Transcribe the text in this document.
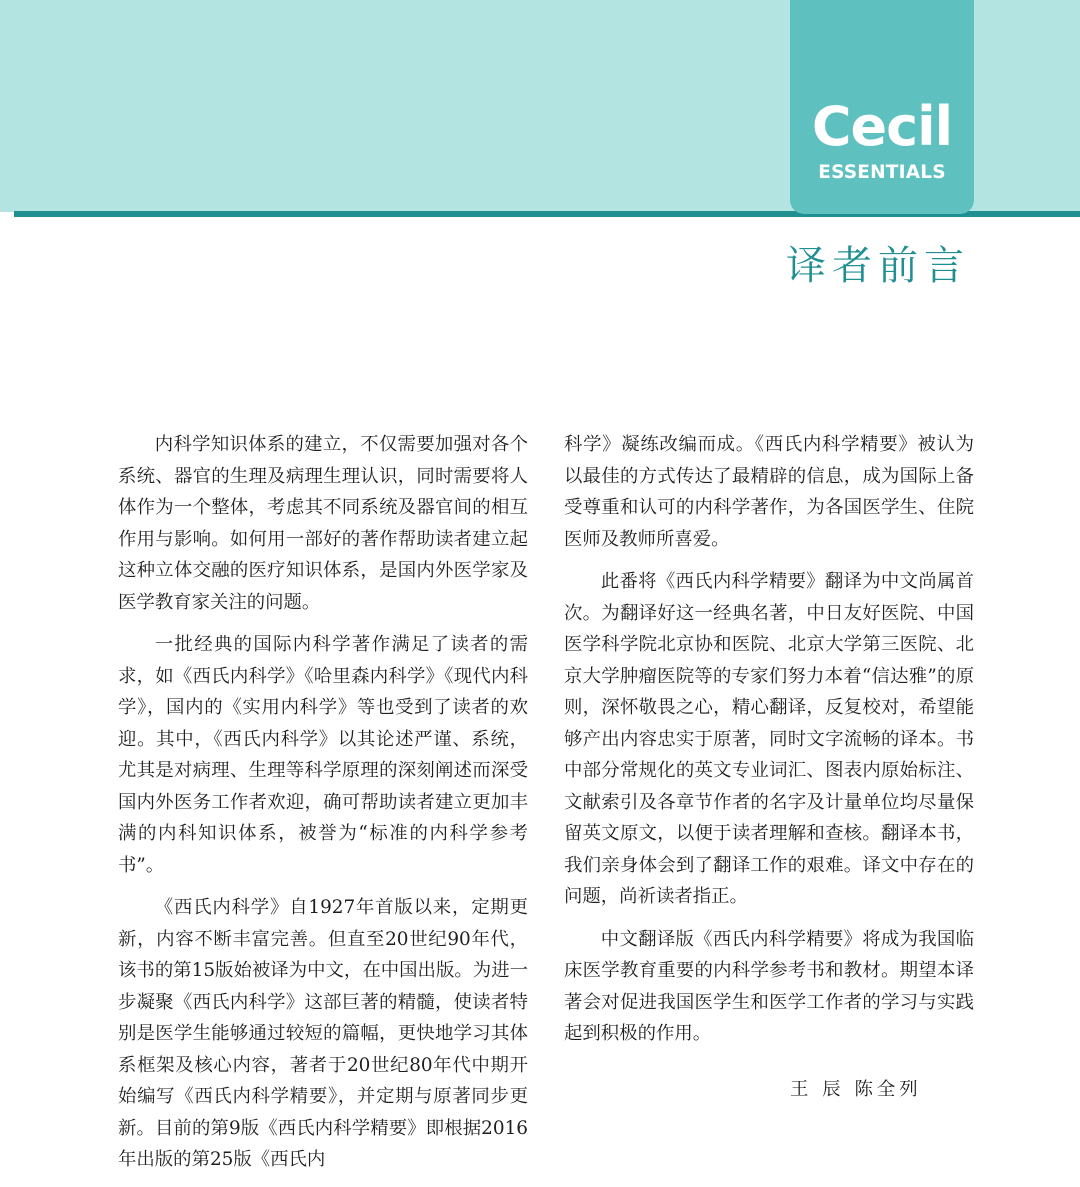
Cecil
ESSENTIALS
译者前言

内科学知识体系的建立，不仅需要加强对各个系统、器官的生理及病理生理认识，同时需要将人体作为一个整体，考虑其不同系统及器官间的相互作用与影响。如何用一部好的著作帮助读者建立起这种立体交融的医疗知识体系，是国内外医学家及医学教育家关注的问题。

一批经典的国际内科学著作满足了读者的需求，如《西氏内科学》《哈里森内科学》《现代内科学》，国内的《实用内科学》等也受到了读者的欢迎。其中，《西氏内科学》以其论述严谨、系统，尤其是对病理、生理等科学原理的深刻阐述而深受国内外医务工作者欢迎，确可帮助读者建立更加丰满的内科知识体系，被誉为“标准的内科学参考书”。

《西氏内科学》自1927年首版以来，定期更新，内容不断丰富完善。但直至20世纪90年代，该书的第15版始被译为中文，在中国出版。为进一步凝聚《西氏内科学》这部巨著的精髓，使读者特别是医学生能够通过较短的篇幅，更快地学习其体系框架及核心内容，著者于20世纪80年代中期开始编写《西氏内科学精要》，并定期与原著同步更新。目前的第9版《西氏内科学精要》即根据2016年出版的第25版《西氏内

科学》凝练改编而成。《西氏内科学精要》被认为以最佳的方式传达了最精辟的信息，成为国际上备受尊重和认可的内科学著作，为各国医学生、住院医师及教师所喜爱。

此番将《西氏内科学精要》翻译为中文尚属首次。为翻译好这一经典名著，中日友好医院、中国医学科学院北京协和医院、北京大学第三医院、北京大学肿瘤医院等的专家们努力本着“信达雅”的原则，深怀敬畏之心，精心翻译，反复校对，希望能够产出内容忠实于原著，同时文字流畅的译本。书中部分常规化的英文专业词汇、图表内原始标注、文献索引及各章节作者的名字及计量单位均尽量保留英文原文，以便于读者理解和查核。翻译本书，我们亲身体会到了翻译工作的艰难。译文中存在的问题，尚祈读者指正。

中文翻译版《西氏内科学精要》将成为我国临床医学教育重要的内科学参考书和教材。期望本译著会对促进我国医学生和医学工作者的学习与实践起到积极的作用。

王 辰 陈全列
